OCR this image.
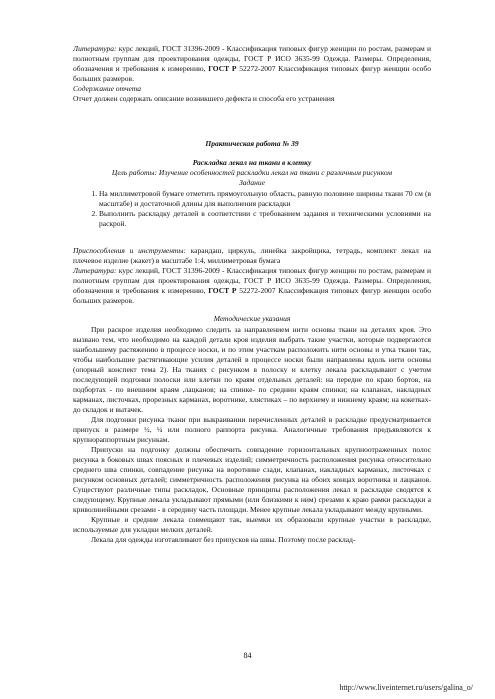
Литература: курс лекций, ГОСТ 31396-2009 - Классификация типовых фигур женщин по ростам, размерам и полнотным группам для проектирования одежды, ГОСТ Р ИСО 3635-99 Одежда. Размеры. Определения, обозначения и требования к измерению, ГОСТ Р 52272-2007 Классификация типовых фигур женщин особо больших размеров.

Содержание отчета

Отчет должен содержать описание возникшего дефекта и способа его устранения

Практическая работа № 39
Раскладка лекал на ткани в клетку
Цель работы: Изучение особенностей раскладки лекал на ткани с различным рисунком
Задание
1. На миллиметровой бумаге отметить прямоугольную область, равную половине ширины ткани 70 см (в масштабе) и достаточной длины для выполнения раскладки
2. Выполнить раскладку деталей в соответствии с требованием задания и техническими условиями на раскрой.

Приспособления и инструменты: карандаш, циркуль, линейка закройщика, тетрадь, комплект лекал на плечевое изделие (жакет) в масштабе 1:4, миллиметровая бумага

Литература: курс лекций, ГОСТ 31396-2009 - Классификация типовых фигур женщин по ростам, размерам и полнотным группам для проектирования одежды, ГОСТ Р ИСО 3635-99 Одежда. Размеры. Определения, обозначения и требования к измерению, ГОСТ Р 52272-2007 Классификация типовых фигур женщин особо больших размеров.

Методические указания

При раскрое изделия необходимо следить за направлением нити основы ткани на деталях кроя. Это вызвано тем, что необходимо на каждой детали кроя изделия выбрать такие участки, которые подвергаются наибольшему растяжению в процессе носки, и по этим участкам расположить нити основы и утка ткани так, чтобы наибольшие растягивающие усилия деталей в процессе носки были направлены вдоль нити основы (опорный конспект тема 2). На тканях с рисунком в полоску и клетку лекала раскладывают с учетом последующей подгонки полоски или клетки по краям отдельных деталей: на передне по краю бортов, на подбортах - по внешним краям ,лацканов; на спинке- по среднин краям спинки; на клапанах, накладных карманах, листочках, прорезных карманах, воротнике, хлястиках – по верхнему и нижнему краям; на кокетках- до складок и вытачек.

Для подгонки рисунка ткани при выкраивании перечисленных деталей в раскладке предусматривается припуск в размере ½, ¼ или полного раппорта рисунка. Аналогичные требования предъявляются к крупнораппортным рисункам.

Припуски на подгонку должны обеспечить совпадение горизонтальных крупноотраженных полос рисунка в боковых швах поясных и плечевых изделий; симметричность расположения рисунка относительно среднего шва спинки, совпадение рисунка на воротнике сзади, клапанах, накладных карманах, листочках с рисунком основных деталей; симметричность расположения рисунка на обоих концах воротника и лацканов. Существуют различные типы раскладок, Основные принципы расположения лекал в раскладке сводятся к следующему. Крупные лекала укладывают прямыми (или близкими к ним) срезами к краю рамки раскладки а криволинейными срезами - в середину часть площади. Менее крупные лекала укладывают между крупными.

Крупные и средние лекала совмещают так, выемки их образовали крупные участки в раскладке, используемые для укладки мелких деталей.

Лекала для одежды изготавливают без припусков на швы. Поэтому после расклад-

84
http://www.liveinternet.ru/users/galina_o/
